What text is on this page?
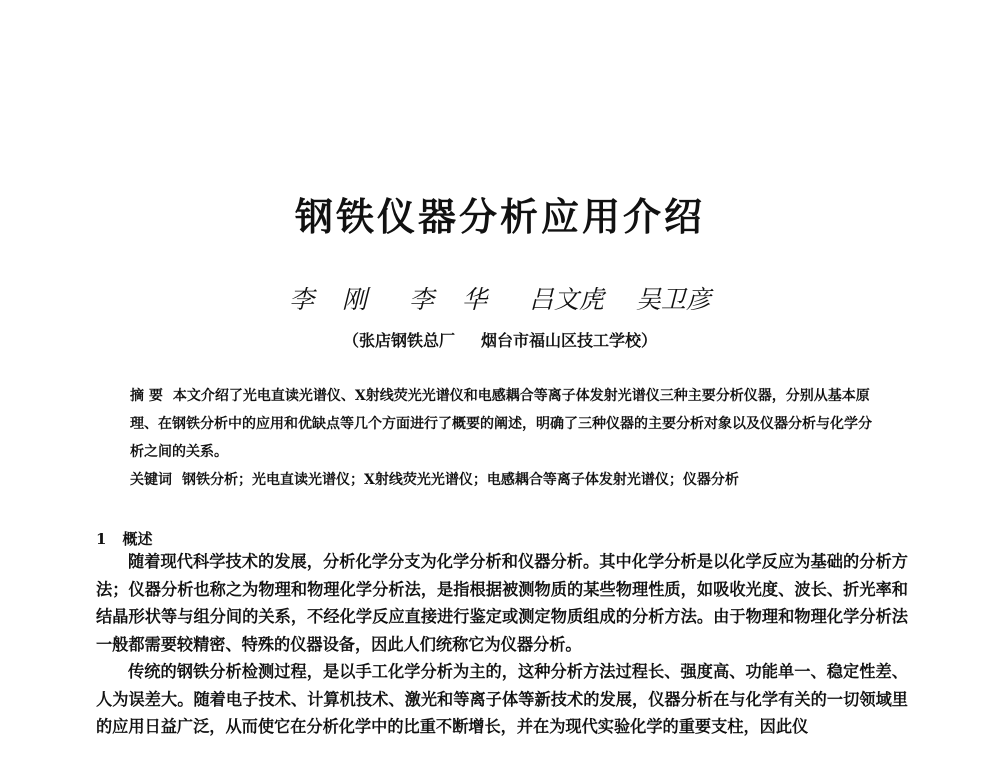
钢铁仪器分析应用介绍
李 刚 李 华 吕文虎 吴卫彦
（张店钢铁总厂 烟台市福山区技工学校）
摘 要 本文介绍了光电直读光谱仪、X射线荧光光谱仪和电感耦合等离子体发射光谱仪三种主要分析仪器，分别从基本原理、在钢铁分析中的应用和优缺点等几个方面进行了概要的阐述，明确了三种仪器的主要分析对象以及仪器分析与化学分析之间的关系。
关键词 钢铁分析；光电直读光谱仪；X射线荧光光谱仪；电感耦合等离子体发射光谱仪；仪器分析
1 概述

随着现代科学技术的发展，分析化学分支为化学分析和仪器分析。其中化学分析是以化学反应为基础的分析方法；仪器分析也称之为物理和物理化学分析法，是指根据被测物质的某些物理性质，如吸收光度、波长、折光率和结晶形状等与组分间的关系，不经化学反应直接进行鉴定或测定物质组成的分析方法。由于物理和物理化学分析法一般都需要较精密、特殊的仪器设备，因此人们统称它为仪器分析。

传统的钢铁分析检测过程，是以手工化学分析为主的，这种分析方法过程长、强度高、功能单一、稳定性差、人为误差大。随着电子技术、计算机技术、激光和等离子体等新技术的发展，仪器分析在与化学有关的一切领域里的应用日益广泛，从而使它在分析化学中的比重不断增长，并在为现代实验化学的重要支柱，因此仪
